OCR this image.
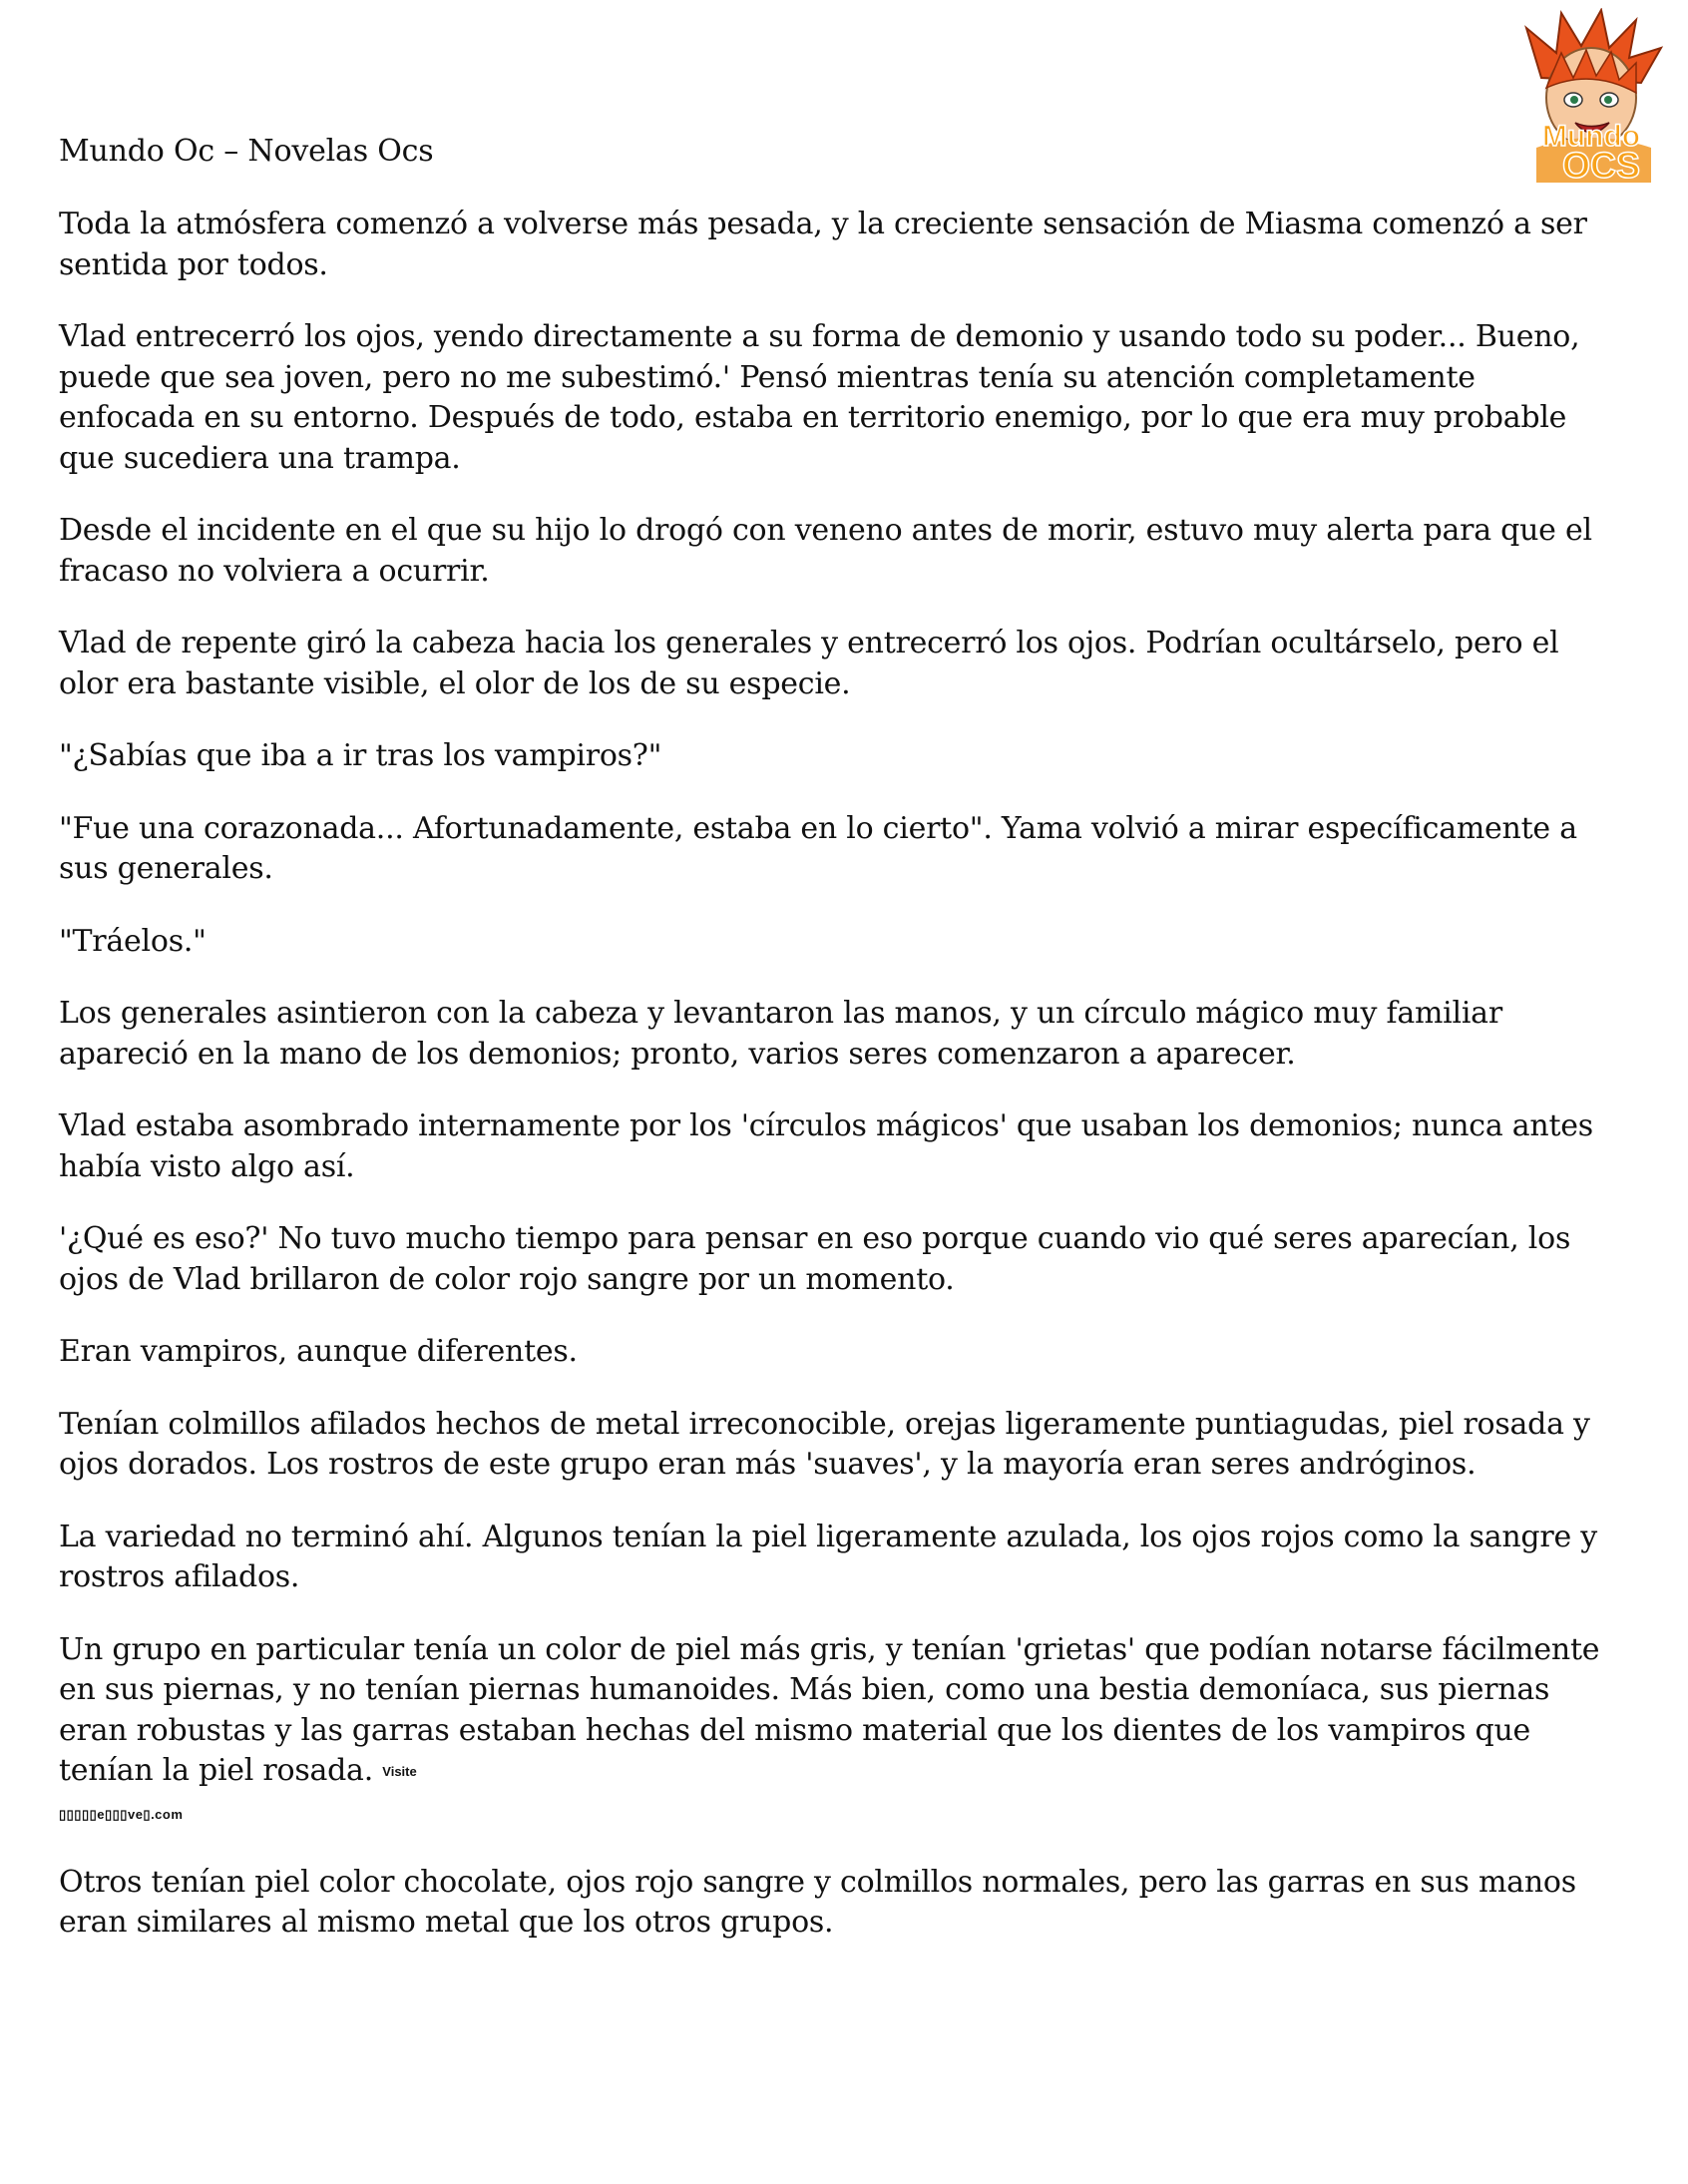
Mundo Oc – Novelas Ocs	Mundo
OCS

Toda la atmósfera comenzó a volverse más pesada, y la creciente sensación de Miasma comenzó a ser sentida por todos.

Vlad entrecerró los ojos, yendo directamente a su forma de demonio y usando todo su poder... Bueno, puede que sea joven, pero no me subestimó.' Pensó mientras tenía su atención completamente enfocada en su entorno. Después de todo, estaba en territorio enemigo, por lo que era muy probable que sucediera una trampa.

Desde el incidente en el que su hijo lo drogó con veneno antes de morir, estuvo muy alerta para que el fracaso no volviera a ocurrir.

Vlad de repente giró la cabeza hacia los generales y entrecerró los ojos. Podrían ocultárselo, pero el olor era bastante visible, el olor de los de su especie.

"¿Sabías que iba a ir tras los vampiros?"

"Fue una corazonada... Afortunadamente, estaba en lo cierto". Yama volvió a mirar específicamente a sus generales.

"Tráelos."

Los generales asintieron con la cabeza y levantaron las manos, y un círculo mágico muy familiar apareció en la mano de los demonios; pronto, varios seres comenzaron a aparecer.

Vlad estaba asombrado internamente por los 'círculos mágicos' que usaban los demonios; nunca antes había visto algo así.

'¿Qué es eso?' No tuvo mucho tiempo para pensar en eso porque cuando vio qué seres aparecían, los ojos de Vlad brillaron de color rojo sangre por un momento.

Eran vampiros, aunque diferentes.

Tenían colmillos afilados hechos de metal irreconocible, orejas ligeramente puntiagudas, piel rosada y ojos dorados. Los rostros de este grupo eran más 'suaves', y la mayoría eran seres andróginos.

La variedad no terminó ahí. Algunos tenían la piel ligeramente azulada, los ojos rojos como la sangre y rostros afilados.

Un grupo en particular tenía un color de piel más gris, y tenían 'grietas' que podían notarse fácilmente en sus piernas, y no tenían piernas humanoides. Más bien, como una bestia demoníaca, sus piernas eran robustas y las garras estaban hechas del mismo material que los dientes de los vampiros que tenían la piel rosada. Visite

▯▯▯▯▯e▯▯▯ve▯.com

Otros tenían piel color chocolate, ojos rojo sangre y colmillos normales, pero las garras en sus manos eran similares al mismo metal que los otros grupos.
